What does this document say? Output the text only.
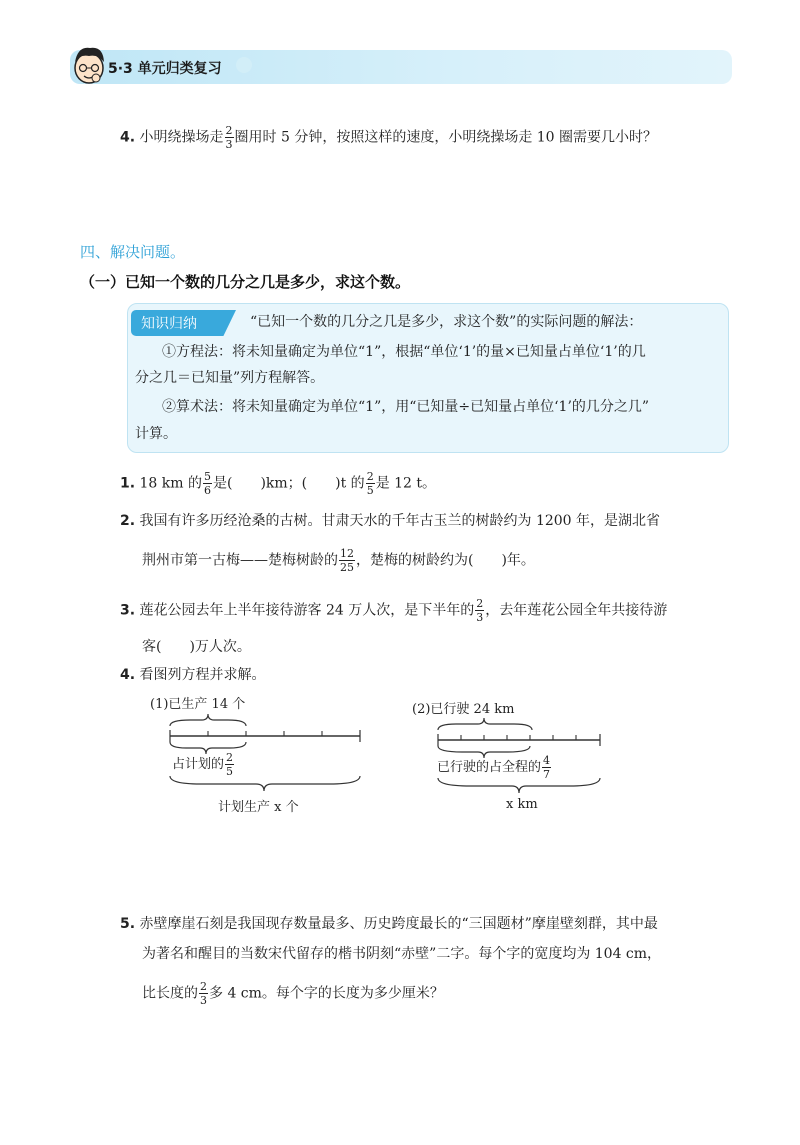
5·3 单元归类复习
4. 小明绕操场走 $\frac{2}{3}$ 圈用时 5 分钟，按照这样的速度，小明绕操场走 10 圈需要几小时？
四、解决问题。
（一）已知一个数的几分之几是多少，求这个数。
知识归纳	“已知一个数的几分之几是多少，求这个数”的实际问题的解法：
①方程法：将未知量确定为单位“1”，根据“单位‘1’的量×已知量占单位‘1’的几
分之几＝已知量”列方程解答。
②算术法：将未知量确定为单位“1”，用“已知量÷已知量占单位‘1’的几分之几”
计算。
1. 18 km 的 $\frac{5}{6}$ 是(　　)km；(　　)t 的 $\frac{2}{5}$ 是 12 t。
2. 我国有许多历经沧桑的古树。甘肃天水的千年古玉兰的树龄约为 1200 年，是湖北省
荆州市第一古梅——楚梅树龄的 $\frac{12}{25}$ ，楚梅的树龄约为(　　)年。
3. 莲花公园去年上半年接待游客 24 万人次，是下半年的 $\frac{2}{3}$ ，去年莲花公园全年共接待游
客(　　)万人次。
4. 看图列方程并求解。
(1)已生产 14 个
占计划的 $\frac{2}{5}$
计划生产 x 个
(2)已行驶 24 km
已行驶的占全程的 $\frac{4}{7}$
x km
5. 赤壁摩崖石刻是我国现存数量最多、历史跨度最长的“三国题材”摩崖壁刻群，其中最
为著名和醒目的当数宋代留存的楷书阴刻“赤壁”二字。每个字的宽度均为 104 cm，
比长度的 $\frac{2}{3}$ 多 4 cm。每个字的长度为多少厘米？
